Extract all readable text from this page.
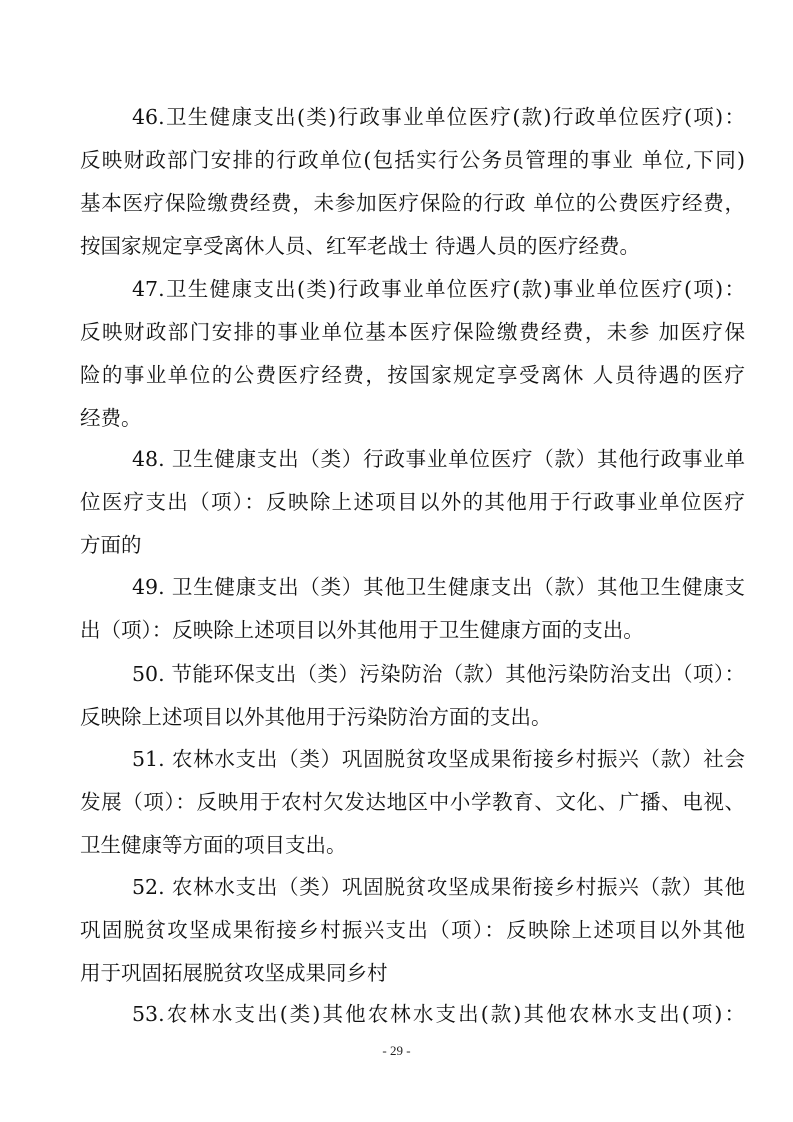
46.卫生健康支出(类)行政事业单位医疗(款)行政单位医疗(项)：
反映财政部门安排的行政单位(包括实行公务员管理的事业 单位,下同)
基本医疗保险缴费经费，未参加医疗保险的行政 单位的公费医疗经费，
按国家规定享受离休人员、红军老战士 待遇人员的医疗经费。
47.卫生健康支出(类)行政事业单位医疗(款)事业单位医疗(项)：
反映财政部门安排的事业单位基本医疗保险缴费经费，未参 加医疗保
险的事业单位的公费医疗经费，按国家规定享受离休 人员待遇的医疗
经费。
48. 卫生健康支出（类）行政事业单位医疗（款）其他行政事业单
位医疗支出（项）：反映除上述项目以外的其他用于行政事业单位医疗
方面的
49. 卫生健康支出（类）其他卫生健康支出（款）其他卫生健康支
出（项）：反映除上述项目以外其他用于卫生健康方面的支出。
50. 节能环保支出（类）污染防治（款）其他污染防治支出（项）：
反映除上述项目以外其他用于污染防治方面的支出。
51. 农林水支出（类）巩固脱贫攻坚成果衔接乡村振兴（款）社会
发展（项）：反映用于农村欠发达地区中小学教育、文化、广播、电视、
卫生健康等方面的项目支出。
52. 农林水支出（类）巩固脱贫攻坚成果衔接乡村振兴（款）其他
巩固脱贫攻坚成果衔接乡村振兴支出（项）：反映除上述项目以外其他
用于巩固拓展脱贫攻坚成果同乡村
53.农林水支出(类)其他农林水支出(款)其他农林水支出(项)：
- 29 -
